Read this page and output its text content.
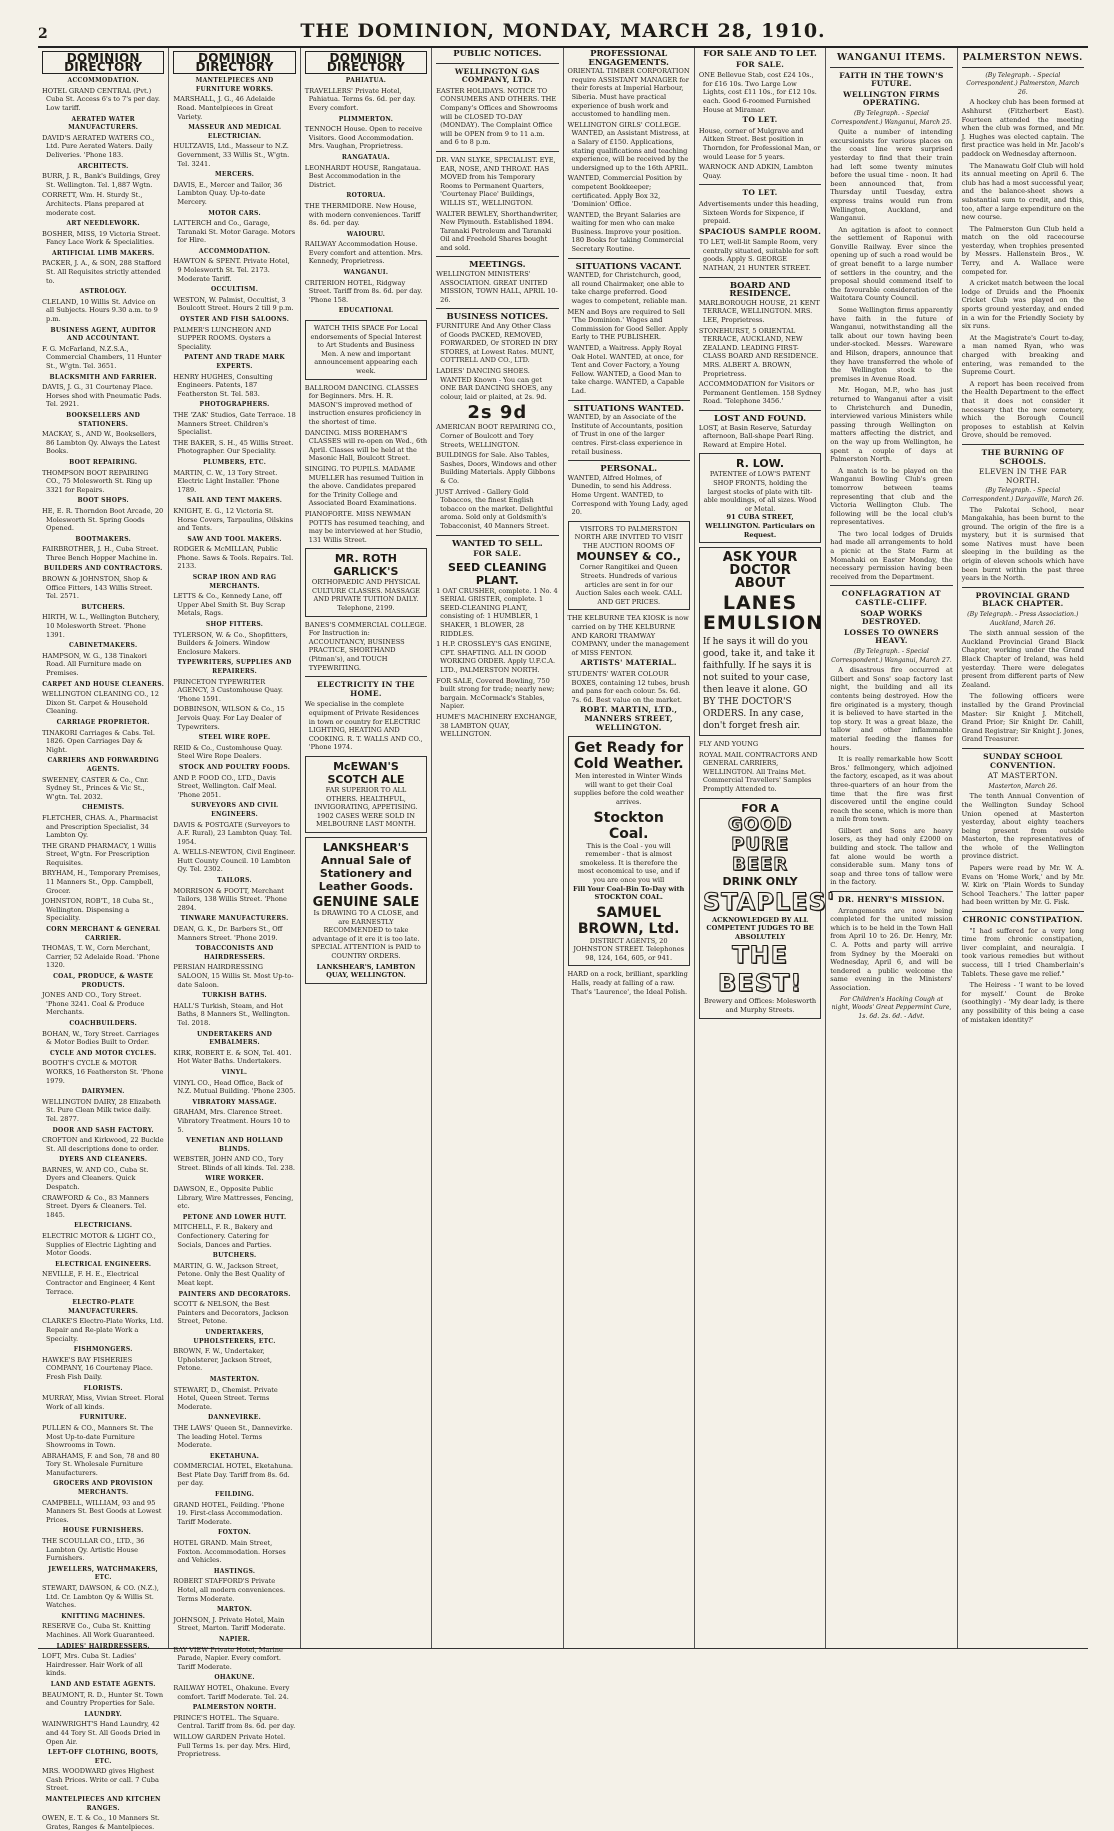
2	THE DOMINION, MONDAY, MARCH 28, 1910.
DOMINION DIRECTORY
ACCOMMODATION.
HOTEL GRAND CENTRAL (Pvt.) Cuba St. Access 6's to 7's per day. Low tariff.
AERATED WATER MANUFACTURERS.
DAVID'S AERATED WATERS CO., Ltd. Pure Aerated Waters. Daily Deliveries. 'Phone 183.
ARCHITECTS.
BURR, J. R., Bank's Buildings, Grey St. Wellington. Tel. 1,887 Wgtn.
CORRETT, Wm. H. Sturdy St., Architects. Plans prepared at moderate cost.
ART NEEDLEWORK.
BOSHER, MISS, 19 Victoria Street. Fancy Lace Work & Specialities.
ARTIFICIAL LIMB MAKERS.
PACKER, J. A., & SON, 288 Stafford St. All Requisites strictly attended to.
ASTROLOGY.
CLELAND, 10 Willis St. Advice on all Subjects. Hours 9.30 a.m. to 9 p.m.
BUSINESS AGENT, AUDITOR AND ACCOUNTANT.
F. G. McFarland, N.Z.S.A., Commercial Chambers, 11 Hunter St., W'gtn. Tel. 3651.
BLACKSMITH AND FARRIER.
DAVIS, J. G., 31 Courtenay Place. Horses shod with Pneumatic Pads. Tel. 2921.
BOOKSELLERS AND STATIONERS.
MACKAY, S., AND W., Booksellers, 86 Lambton Qy. Always the Latest Books.
BOOT REPAIRING.
THOMPSON BOOT REPAIRING CO., 75 Molesworth St. Ring up 3321 for Repairs.
BOOT SHOPS.
HE, E. R. Thorndon Boot Arcade, 20 Molesworth St. Spring Goods Opened.
BOOTMAKERS.
FAIRBROTHER, J. H., Cuba Street. Three Bench Hopper Machine in.
BUILDERS AND CONTRACTORS.
BROWN & JOHNSTON, Shop & Office Fitters, 143 Willis Street. Tel. 2571.
BUTCHERS.
HIRTH, W. L., Wellington Butchery, 10 Molesworth Street. 'Phone 1391.
CABINETMAKERS.
HAMPSON, W. G., 138 Tinakori Road. All Furniture made on Premises.
CARPET AND HOUSE CLEANERS.
WELLINGTON CLEANING CO., 12 Dixon St. Carpet & Household Cleaning.
CARRIAGE PROPRIETOR.
TINAKORI Carriages & Cabs. Tel. 1826. Open Carriages Day & Night.
CARRIERS AND FORWARDING AGENTS.
SWEENEY, CASTER & Co., Cnr. Sydney St., Princes & Vic St., W'gtn. Tel. 2032.
CHEMISTS.
FLETCHER, CHAS. A., Pharmacist and Prescription Specialist, 34 Lambton Qy.
THE GRAND PHARMACY, 1 Willis Street, W'gtn. For Prescription Requisites.
BRYHAM, H., Temporary Premises, 11 Manners St., Opp. Campbell, Grocer.
JOHNSTON, ROB'T., 18 Cuba St., Wellington. Dispensing a Speciality.
CORN MERCHANT & GENERAL CARRIER.
THOMAS, T. W., Corn Merchant, Carrier, 52 Adelaide Road. 'Phone 1320.
COAL, PRODUCE, & WASTE PRODUCTS.
JONES AND CO., Tory Street. 'Phone 3241. Coal & Produce Merchants.
COACHBUILDERS.
BOHAN, W., Tory Street. Carriages & Motor Bodies Built to Order.
CYCLE AND MOTOR CYCLES.
BOOTH'S CYCLE & MOTOR WORKS, 16 Featherston St. 'Phone 1979.
DAIRYMEN.
WELLINGTON DAIRY, 28 Elizabeth St. Pure Clean Milk twice daily. Tel. 2877.
DOOR AND SASH FACTORY.
CROFTON and Kirkwood, 22 Buckle St. All descriptions done to order.
DYERS AND CLEANERS.
BARNES, W. AND CO., Cuba St. Dyers and Cleaners. Quick Despatch.
CRAWFORD & Co., 83 Manners Street. Dyers & Cleaners. Tel. 1845.
ELECTRICIANS.
ELECTRIC MOTOR & LIGHT CO., Supplies of Electric Lighting and Motor Goods.
ELECTRICAL ENGINEERS.
NEVILLE, F. H. E., Electrical Contractor and Engineer, 4 Kent Terrace.
ELECTRO-PLATE MANUFACTURERS.
CLARKE'S Electro-Plate Works, Ltd. Repair and Re-plate Work a Specialty.
FISHMONGERS.
HAWKE'S BAY FISHERIES COMPANY, 16 Courtenay Place. Fresh Fish Daily.
FLORISTS.
MURRAY, Miss, Vivian Street. Floral Work of all kinds.
FURNITURE.
PULLEN & CO., Manners St. The Most Up-to-date Furniture Showrooms in Town.
ABRAHAMS, F. and Son, 78 and 80 Tory St. Wholesale Furniture Manufacturers.
GROCERS AND PROVISION MERCHANTS.
CAMPBELL, WILLIAM, 93 and 95 Manners St. Best Goods at Lowest Prices.
HOUSE FURNISHERS.
THE SCOULLAR CO., LTD., 36 Lambton Qy. Artistic House Furnishers.
JEWELLERS, WATCHMAKERS, ETC.
STEWART, DAWSON, & CO. (N.Z.), Ltd. Cr. Lambton Qy & Willis St. Watches.
KNITTING MACHINES.
RESERVE Co., Cuba St. Knitting Machines. All Work Guaranteed.
LADIES' HAIRDRESSERS.
LOFT, Mrs. Cuba St. Ladies' Hairdresser. Hair Work of all kinds.
LAND AND ESTATE AGENTS.
BEAUMONT, R. D., Hunter St. Town and Country Properties for Sale.
LAUNDRY.
WAINWRIGHT'S Hand Laundry, 42 and 44 Tory St. All Goods Dried in Open Air.
LEFT-OFF CLOTHING, BOOTS, ETC.
MRS. WOODWARD gives Highest Cash Prices. Write or call. 7 Cuba Street.
MANTELPIECES AND KITCHEN RANGES.
OWEN, E. T. & Co., 10 Manners St. Grates, Ranges & Mantelpieces.
DOMINION DIRECTORY
MANTELPIECES AND FURNITURE WORKS.
MARSHALL, J. G., 46 Adelaide Road. Mantelpieces in Great Variety.
MASSEUR AND MEDICAL ELECTRICIAN.
HULTZAVIS, Ltd., Masseur to N.Z. Government, 33 Willis St., W'gtn. Tel. 3241.
MERCERS.
DAVIS, E., Mercer and Tailor, 36 Lambton Quay. Up-to-date Mercery.
MOTOR CARS.
LATTERCH and Co., Garage, Taranaki St. Motor Garage. Motors for Hire.
ACCOMMODATION.
HAWTON & SPENT. Private Hotel, 9 Molesworth St. Tel. 2173. Moderate Tariff.
OCCULTISM.
WESTON, W. Palmist, Occultist, 3 Boulcott Street. Hours 2 till 9 p.m.
OYSTER AND FISH SALOONS.
PALMER'S LUNCHEON AND SUPPER ROOMS. Oysters a Speciality.
PATENT AND TRADE MARK EXPERTS.
HENRY HUGHES, Consulting Engineers. Patents, 187 Featherston St. Tel. 583.
PHOTOGRAPHERS.
THE 'ZAK' Studios, Gate Terrace. 18 Manners Street. Children's Specialist.
THE BAKER, S. H., 45 Willis Street. Photographer. Our Speciality.
PLUMBERS, ETC.
MARTIN, C. W., 13 Tory Street. Electric Light Installer. 'Phone 1789.
SAIL AND TENT MAKERS.
KNIGHT, E. G., 12 Victoria St. Horse Covers, Tarpaulins, Oilskins and Tents.
SAW AND TOOL MAKERS.
RODGER & McMILLAN, Public Phone. Saws & Tools. Repairs. Tel. 2133.
SCRAP IRON AND RAG MERCHANTS.
LETTS & Co., Kennedy Lane, off Upper Abel Smith St. Buy Scrap Metals, Rags.
SHOP FITTERS.
TYLERSON, W. & Co., Shopfitters, Builders & Joiners. Window Enclosure Makers.
TYPEWRITERS, SUPPLIES AND REPAIRERS.
PRINCETON TYPEWRITER AGENCY, 3 Customhouse Quay. 'Phone 1591.
DOBBINSON, WILSON & Co., 15 Jervois Quay. For Lay Dealer of Typewriters.
STEEL WIRE ROPE.
REID & Co., Customhouse Quay. Steel Wire Rope Dealers.
STOCK AND POULTRY FOODS.
AND P. FOOD CO., LTD., Davis Street, Wellington. Calf Meal. 'Phone 2051.
SURVEYORS AND CIVIL ENGINEERS.
DAVIS & POSTGATE (Surveyors to A.F. Rural), 23 Lambton Quay. Tel. 1954.
A. WELLS-NEWTON, Civil Engineer. Hutt County Council. 10 Lambton Qy. Tel. 2302.
TAILORS.
MORRISON & FOOTT, Merchant Tailors, 138 Willis Street. 'Phone 2894.
TINWARE MANUFACTURERS.
DEAN, G. K., Dr. Barbers St., Off Manners Street. 'Phone 2019.
TOBACCONISTS AND HAIRDRESSERS.
PERSIAN HAIRDRESSING SALOON, 15 Willis St. Most Up-to-date Saloon.
TURKISH BATHS.
HALL'S Turkish, Steam, and Hot Baths, 8 Manners St., Wellington. Tel. 2018.
UNDERTAKERS AND EMBALMERS.
KIRK, ROBERT E. & SON, Tel. 401. Hot Water Baths. Undertakers.
VINYL.
VINYL CO., Head Office, Back of N.Z. Mutual Building. 'Phone 2305.
VIBRATORY MASSAGE.
GRAHAM, Mrs. Clarence Street. Vibratory Treatment. Hours 10 to 5.
VENETIAN AND HOLLAND BLINDS.
WEBSTER, JOHN AND CO., Tory Street. Blinds of all kinds. Tel. 238.
WIRE WORKER.
DAWSON, E., Opposite Public Library, Wire Mattresses, Fencing, etc.
PETONE AND LOWER HUTT.
MITCHELL, F. R., Bakery and Confectionery. Catering for Socials, Dances and Parties.
BUTCHERS.
MARTIN, G. W., Jackson Street, Petone. Only the Best Quality of Meat kept.
PAINTERS AND DECORATORS.
SCOTT & NELSON, the Best Painters and Decorators, Jackson Street, Petone.
UNDERTAKERS, UPHOLSTERERS, ETC.
BROWN, F. W., Undertaker, Upholsterer, Jackson Street, Petone.
MASTERTON.
STEWART, D., Chemist. Private Hotel, Queen Street. Terms Moderate.
DANNEVIRKE.
THE LAWS' Queen St., Dannevirke. The leading Hotel. Terms Moderate.
EKETAHUNA.
COMMERCIAL HOTEL, Eketahuna. Best Plate Day. Tariff from 8s. 6d. per day.
FEILDING.
GRAND HOTEL, Feilding. 'Phone 19. First-class Accommodation. Tariff Moderate.
FOXTON.
HOTEL GRAND. Main Street, Foxton. Accommodation. Horses and Vehicles.
HASTINGS.
ROBERT STAFFORD'S Private Hotel, all modern conveniences. Terms Moderate.
MARTON.
JOHNSON, J. Private Hotel, Main Street, Marton. Tariff Moderate.
NAPIER.
BAY VIEW Private Hotel, Marine Parade, Napier. Every comfort. Tariff Moderate.
OHAKUNE.
RAILWAY HOTEL, Ohakune. Every comfort. Tariff Moderate. Tel. 24.
PALMERSTON NORTH.
PRINCE'S HOTEL. The Square. Central. Tariff from 8s. 6d. per day.
WILLOW GARDEN Private Hotel. Full Terms 1s. per day. Mrs. Hird, Proprietress.
DOMINION DIRECTORY
PAHIATUA.
TRAVELLERS' Private Hotel, Pahiatua. Terms 6s. 6d. per day. Every comfort.
PLIMMERTON.
TENNOCH House. Open to receive Visitors. Good Accommodation. Mrs. Vaughan, Proprietress.
RANGATAUA.
LEONHARDT HOUSE, Rangataua. Best Accommodation in the District.
ROTORUA.
THE THERMIDORE. New House, with modern conveniences. Tariff 8s. 6d. per day.
WAIOURU.
RAILWAY Accommodation House. Every comfort and attention. Mrs. Kennedy, Proprietress.
WANGANUI.
CRITERION HOTEL, Ridgway Street. Tariff from 8s. 6d. per day. 'Phone 158.
EDUCATIONAL
WATCH THIS SPACE For Local endorsements of Special Interest to Art Students and Business Men. A new and important announcement appearing each week.
BALLROOM DANCING. CLASSES for Beginners. Mrs. H. R. MASON'S improved method of instruction ensures proficiency in the shortest of time.
DANCING. MISS BOREHAM'S CLASSES will re-open on Wed., 6th April. Classes will be held at the Masonic Hall, Boulcott Street.
SINGING. TO PUPILS. MADAME MUELLER has resumed Tuition in the above. Candidates prepared for the Trinity College and Associated Board Examinations.
PIANOFORTE. MISS NEWMAN POTTS has resumed teaching, and may be interviewed at her Studio, 131 Willis Street.
MR. ROTH GARLICK'S
ORTHOPAEDIC AND PHYSICAL CULTURE CLASSES. MASSAGE AND PRIVATE TUITION DAILY. Telephone, 2199.
BANES'S COMMERCIAL COLLEGE. For Instruction in: ACCOUNTANCY, BUSINESS PRACTICE, SHORTHAND (Pitman's), and TOUCH TYPEWRITING.
ELECTRICITY IN THE HOME.
We specialise in the complete equipment of Private Residences in town or country for ELECTRIC LIGHTING, HEATING AND COOKING. R. T. WALLS AND CO., 'Phone 1974.
McEWAN'S SCOTCH ALE
FAR SUPERIOR TO ALL OTHERS. HEALTHFUL, INVIGORATING, APPETISING. 1902 CASES WERE SOLD IN MELBOURNE LAST MONTH.
LANKSHEAR'S Annual Sale of Stationery and Leather Goods.
GENUINE SALE
Is DRAWING TO A CLOSE, and are EARNESTLY RECOMMENDED to take advantage of it ere it is too late. SPECIAL ATTENTION is PAID to COUNTRY ORDERS.
LANKSHEAR'S, LAMBTON QUAY, WELLINGTON.
PUBLIC NOTICES.
WELLINGTON GAS COMPANY, LTD.
EASTER HOLIDAYS. NOTICE TO CONSUMERS AND OTHERS. THE Company's Offices and Showrooms will be CLOSED TO-DAY (MONDAY). The Complaint Office will be OPEN from 9 to 11 a.m. and 6 to 8 p.m.
DR. VAN SLYKE, SPECIALIST. EYE, EAR, NOSE, AND THROAT. HAS MOVED from his Temporary Rooms to Permanent Quarters, 'Courtenay Place' Buildings, WILLIS ST., WELLINGTON.
WALTER BEWLEY, Shorthandwriter, New Plymouth. Established 1894. Taranaki Petroleum and Taranaki Oil and Freehold Shares bought and sold.
MEETINGS.
WELLINGTON MINISTERS' ASSOCIATION. GREAT UNITED MISSION, TOWN HALL, APRIL 10-26.
BUSINESS NOTICES.
FURNITURE And Any Other Class of Goods PACKED, REMOVED, FORWARDED, Or STORED IN DRY STORES, at Lowest Rates. MUNT, COTTRELL AND CO., LTD.
LADIES' DANCING SHOES. WANTED Known - You can get ONE BAR DANCING SHOES, any colour, laid or plaited, at 2s. 9d.
2s 9d
AMERICAN BOOT REPAIRING CO., Corner of Boulcott and Tory Streets, WELLINGTON.
BUILDINGS for Sale. Also Tables, Sashes, Doors, Windows and other Building Materials. Apply Gibbons & Co.
JUST Arrived - Gallery Gold Tobaccos, the finest English tobacco on the market. Delightful aroma. Sold only at Goldsmith's Tobacconist, 40 Manners Street.
WANTED TO SELL.
FOR SALE.
SEED CLEANING PLANT.
1 OAT CRUSHER, complete. 1 No. 4 SERIAL GRISTER, complete. 1 SEED-CLEANING PLANT, consisting of: 1 HUMBLER, 1 SHAKER, 1 BLOWER, 28 RIDDLES.
1 H.P. CROSSLEY'S GAS ENGINE, CPT. SHAFTING. ALL IN GOOD WORKING ORDER. Apply U.F.C.A. LTD., PALMERSTON NORTH.
FOR SALE, Covered Bowling, 750 built strong for trade; nearly new; bargain. McCormack's Stables, Napier.
HUME'S MACHINERY EXCHANGE, 38 LAMBTON QUAY, WELLINGTON.
PROFESSIONAL ENGAGEMENTS.
ORIENTAL TIMBER CORPORATION require ASSISTANT MANAGER for their forests at Imperial Harbour, Siberia. Must have practical experience of bush work and accustomed to handling men.
WELLINGTON GIRLS' COLLEGE. WANTED, an Assistant Mistress, at a Salary of £150. Applications, stating qualifications and teaching experience, will be received by the undersigned up to the 16th APRIL.
WANTED, Commercial Position by competent Bookkeeper; certificated. Apply Box 32, 'Dominion' Office.
WANTED, the Bryant Salaries are waiting for men who can make Business. Improve your position. 180 Books for taking Commercial Secretary Routine.
SITUATIONS VACANT.
WANTED, for Christchurch, good, all round Chairmaker, one able to take charge preferred. Good wages to competent, reliable man.
MEN and Boys are required to Sell 'The Dominion.' Wages and Commission for Good Seller. Apply Early to THE PUBLISHER.
WANTED, a Waitress. Apply Royal Oak Hotel. WANTED, at once, for Tent and Cover Factory, a Young Fellow. WANTED, a Good Man to take charge. WANTED, a Capable Lad.
SITUATIONS WANTED.
WANTED, by an Associate of the Institute of Accountants, position of Trust in one of the larger centres. First-class experience in retail business.
PERSONAL.
WANTED, Alfred Holmes, of Dunedin, to send his Address. Home Urgent. WANTED, to Correspond with Young Lady, aged 20.
VISITORS TO PALMERSTON NORTH ARE INVITED TO VISIT THE AUCTION ROOMS OF
MOUNSEY & CO.,
Corner Rangitikei and Queen Streets. Hundreds of various articles are sent in for our Auction Sales each week. CALL AND GET PRICES.
THE KELBURNE TEA KIOSK is now carried on by THE KELBURNE AND KARORI TRAMWAY COMPANY, under the management of MISS FENTON.
ARTISTS' MATERIAL.
STUDENTS' WATER COLOUR BOXES, containing 12 tubes, brush and pans for each colour. 5s. 6d. 7s. 6d. Best value on the market.
ROBT. MARTIN, LTD., MANNERS STREET, WELLINGTON.
Get Ready for Cold Weather.
Men interested in Winter Winds will want to get their Coal supplies before the cold weather arrives.
Stockton Coal.
This is the Coal - you will remember - that is almost smokeless. It is therefore the most economical to use, and if you are once you will
Fill Your Coal-Bin To-Day with STOCKTON COAL.
SAMUEL BROWN, Ltd.
DISTRICT AGENTS, 20 JOHNSTON STREET. Telephones 98, 124, 164, 605, or 941.
HARD on a rock, brilliant, sparkling Halls, ready at falling of a raw. That's 'Laurence', the Ideal Polish.
FOR SALE AND TO LET.
FOR SALE.
ONE Bellevue Stab, cost £24 10s., for £16 10s. Two Large Low Lights, cost £11 10s., for £12 10s. each. Good 6-roomed Furnished House at Miramar.
TO LET.
House, corner of Mulgrave and Aitken Street. Best position in Thorndon, for Professional Man, or would Lease for 5 years.
WARNOCK AND ADKIN, Lambton Quay.
TO LET.
Advertisements under this heading, Sixteen Words for Sixpence, if prepaid.
SPACIOUS SAMPLE ROOM.
TO LET, well-lit Sample Room, very centrally situated, suitable for soft goods. Apply S. GEORGE NATHAN, 21 HUNTER STREET.
BOARD AND RESIDENCE.
MARLBOROUGH HOUSE, 21 KENT TERRACE, WELLINGTON. MRS. LEE, Proprietress.
STONEHURST, 5 ORIENTAL TERRACE, AUCKLAND, NEW ZEALAND. LEADING FIRST-CLASS BOARD AND RESIDENCE. MRS. ALBERT A. BROWN, Proprietress.
ACCOMMODATION for Visitors or Permanent Gentlemen. 158 Sydney Road. 'Telephone 3456.'
LOST AND FOUND.
LOST, at Basin Reserve, Saturday afternoon, Ball-shape Pearl Ring. Reward at Empire Hotel.
R. LOW.
PATENTEE of LOW'S PATENT SHOP FRONTS, holding the largest stocks of plate with tilt-able mouldings, of all sizes. Wood or Metal.
91 CUBA STREET, WELLINGTON. Particulars on Request.
ASK YOUR DOCTOR ABOUT
LANES EMULSION
If he says it will do you good, take it, and take it faithfully. If he says it is not suited to your case, then leave it alone. GO BY THE DOCTOR'S ORDERS. In any case, don't forget fresh air.
FLY AND YOUNG
ROYAL MAIL CONTRACTORS AND GENERAL CARRIERS, WELLINGTON. All Trains Met. Commercial Travellers' Samples Promptly Attended to.
FOR A
GOOD PURE BEER
DRINK ONLY
STAPLES'
ACKNOWLEDGED BY ALL COMPETENT JUDGES TO BE ABSOLUTELY
THE BEST!
Brewery and Offices: Molesworth and Murphy Streets.
WANGANUI ITEMS.
FAITH IN THE TOWN'S FUTURE.
WELLINGTON FIRMS OPERATING.
(By Telegraph. - Special Correspondent.) Wanganui, March 25.

Quite a number of intending excursionists for various places on the coast line were surprised yesterday to find that their train had left some twenty minutes before the usual time - noon. It had been announced that, from Thursday until Tuesday, extra express trains would run from Wellington, Auckland, and Wanganui.

An agitation is afoot to connect the settlement of Raponui with Gonville Railway. Ever since the opening up of such a road would be of great benefit to a large number of settlers in the country, and the proposal should commend itself to the favourable consideration of the Waitotara County Council.

Some Wellington firms apparently have faith in the future of Wanganui, notwithstanding all the talk about our town having been under-stocked. Messrs. Wareware and Hilson, drapers, announce that they have transferred the whole of the Wellington stock to the premises in Avenue Road.

Mr. Hogan, M.P., who has just returned to Wanganui after a visit to Christchurch and Dunedin, interviewed various Ministers while passing through Wellington on matters affecting the district, and on the way up from Wellington, he spent a couple of days at Palmerston North.

A match is to be played on the Wanganui Bowling Club's green tomorrow between teams representing that club and the Victoria Wellington Club. The following will be the local club's representatives.

The two local lodges of Druids had made all arrangements to hold a picnic at the State Farm at Momahaki on Easter Monday, the necessary permission having been received from the Department.

CONFLAGRATION AT CASTLE-CLIFF.
SOAP WORKS DESTROYED.
LOSSES TO OWNERS HEAVY.
(By Telegraph. - Special Correspondent.) Wanganui, March 27.

A disastrous fire occurred at Gilbert and Sons' soap factory last night, the building and all its contents being destroyed. How the fire originated is a mystery, though it is believed to have started in the top story. It was a great blaze, the tallow and other inflammable material feeding the flames for hours.

It is really remarkable how Scott Bros.' fellmongery, which adjoined the factory, escaped, as it was about three-quarters of an hour from the time that the fire was first discovered until the engine could reach the scene, which is more than a mile from town.

Gilbert and Sons are heavy losers, as they had only £2000 on building and stock. The tallow and fat alone would be worth a considerable sum. Many tons of soap and three tons of tallow were in the factory.

DR. HENRY'S MISSION.

Arrangements are now being completed for the united mission which is to be held in the Town Hall from April 10 to 26. Dr. Henry, Mr. C. A. Potts and party will arrive from Sydney by the Moeraki on Wednesday, April 6, and will be tendered a public welcome the same evening in the Ministers' Association.

For Children's Hacking Cough at night, Woods' Great Peppermint Cure, 1s. 6d. 2s. 6d. - Advt.
PALMERSTON NEWS.
(By Telegraph. - Special Correspondent.) Palmerston, March 26.

A hockey club has been formed at Ashhurst (Fitzherbert East). Fourteen attended the meeting when the club was formed, and Mr. J. Hughes was elected captain. The first practice was held in Mr. Jacob's paddock on Wednesday afternoon.

The Manawatu Golf Club will hold its annual meeting on April 6. The club has had a most successful year, and the balance-sheet shows a substantial sum to credit, and this, too, after a large expenditure on the new course.

The Palmerston Gun Club held a match on the old racecourse yesterday, when trophies presented by Messrs. Hallenstein Bros., W. Terry, and A. Wallace were competed for.

A cricket match between the local lodge of Druids and the Phoenix Cricket Club was played on the sports ground yesterday, and ended in a win for the Friendly Society by six runs.

At the Magistrate's Court to-day, a man named Ryan, who was charged with breaking and entering, was remanded to the Supreme Court.

A report has been received from the Health Department to the effect that it does not consider it necessary that the new cemetery, which the Borough Council proposes to establish at Kelvin Grove, should be removed.

THE BURNING OF SCHOOLS.
ELEVEN IN THE FAR NORTH.
(By Telegraph. - Special Correspondent.) Dargaville, March 26.

The Pakotai School, near Mangakahia, has been burnt to the ground. The origin of the fire is a mystery, but it is surmised that some Natives must have been sleeping in the building as the origin of eleven schools which have been burnt within the past three years in the North.

PROVINCIAL GRAND BLACK CHAPTER.
(By Telegraph. - Press Association.) Auckland, March 26.

The sixth annual session of the Auckland Provincial Grand Black Chapter, working under the Grand Black Chapter of Ireland, was held yesterday. There were delegates present from different parts of New Zealand.

The following officers were installed by the Grand Provincial Master: Sir Knight J. Mitchell, Grand Prior; Sir Knight Dr. Cahill, Grand Registrar; Sir Knight J. Jones, Grand Treasurer.

SUNDAY SCHOOL CONVENTION.
AT MASTERTON.
Masterton, March 26.

The tenth Annual Convention of the Wellington Sunday School Union opened at Masterton yesterday, about eighty teachers being present from outside Masterton, the representatives of the whole of the Wellington province district.

Papers were read by Mr. W. A. Evans on 'Home Work,' and by Mr. W. Kirk on 'Plain Words to Sunday School Teachers.' The latter paper had been written by Mr. G. Fisk.

CHRONIC CONSTIPATION.

"I had suffered for a very long time from chronic constipation, liver complaint, and neuralgia. I took various remedies but without success, till I tried Chamberlain's Tablets. These gave me relief."

The Heiress - 'I want to be loved for myself.' Count de Broke (soothingly) - 'My dear lady, is there any possibility of this being a case of mistaken identity?'
